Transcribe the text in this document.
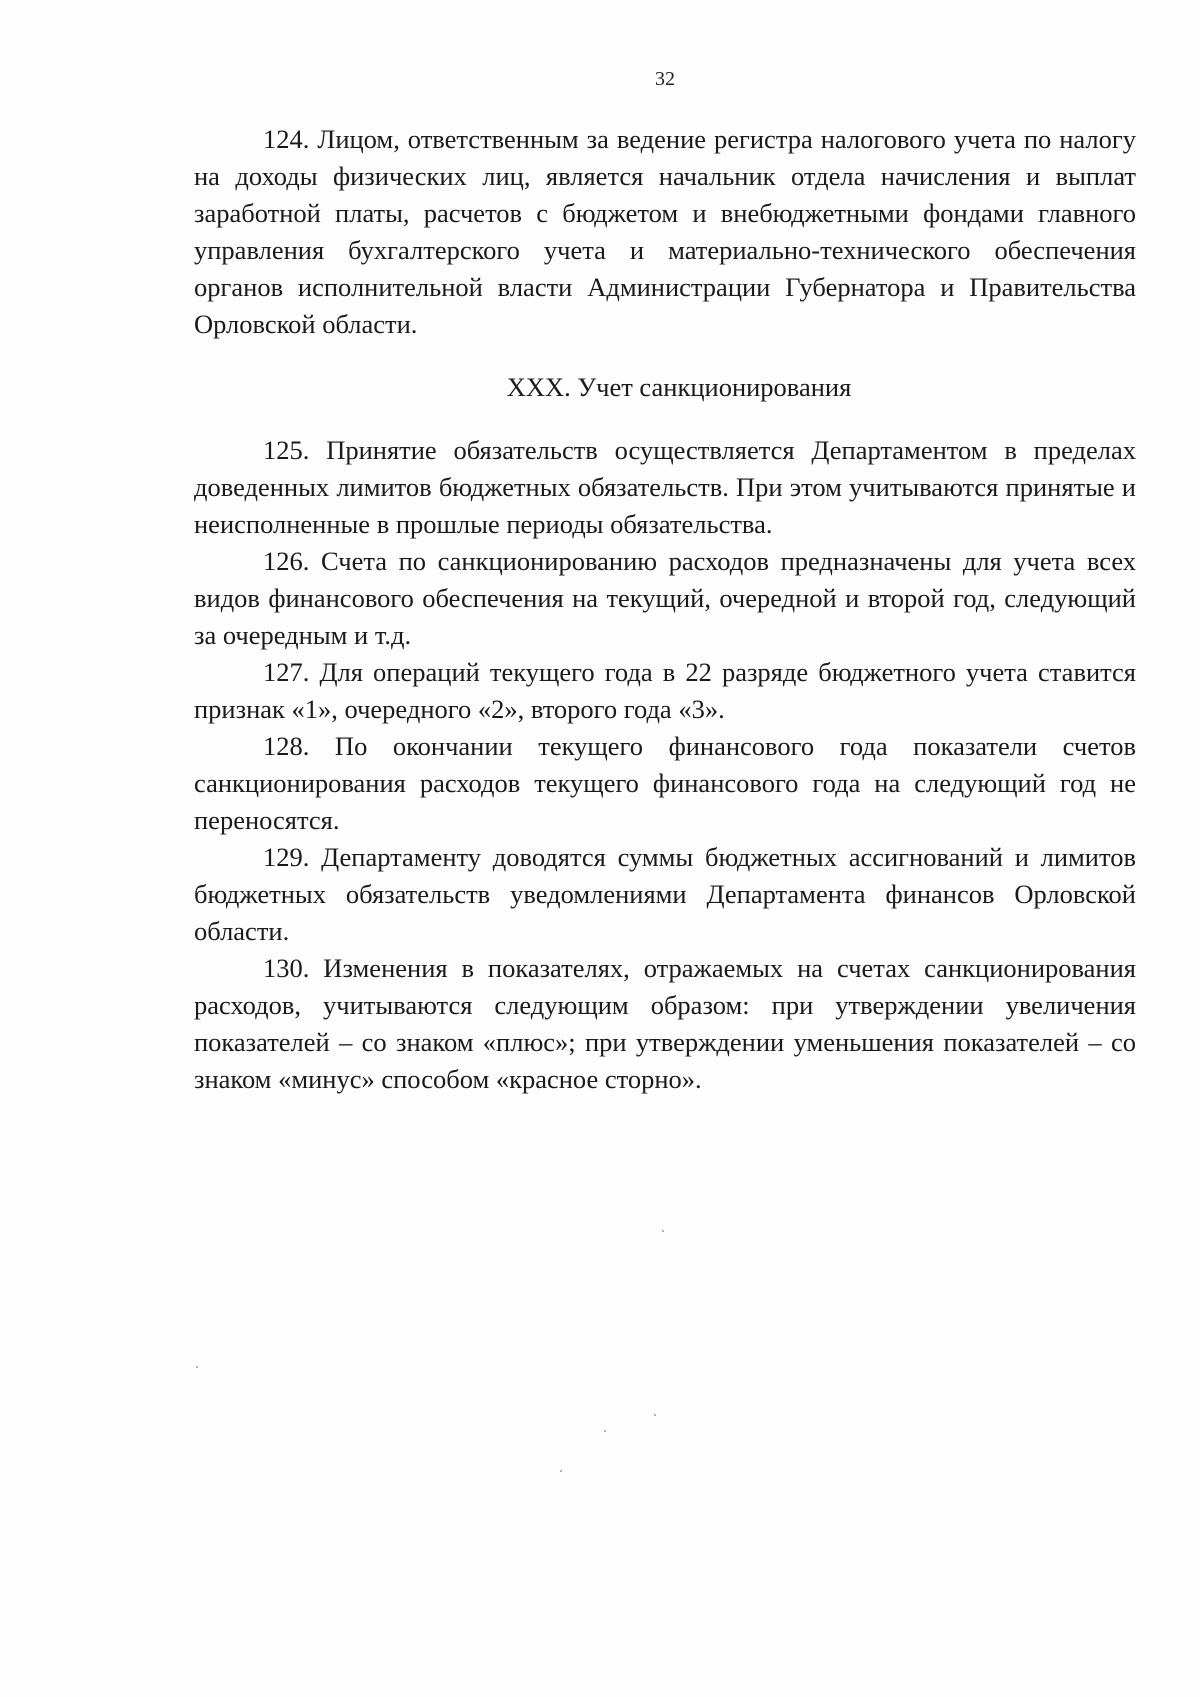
32

124. Лицом, ответственным за ведение регистра налогового учета по налогу на доходы физических лиц, является начальник отдела начисления и выплат заработной платы, расчетов с бюджетом и внебюджетными фондами главного управления бухгалтерского учета и материально-технического обеспечения органов исполнительной власти Администрации Губернатора и Правительства Орловской области.

XXX. Учет санкционирования

125. Принятие обязательств осуществляется Департаментом в пределах доведенных лимитов бюджетных обязательств. При этом учитываются принятые и неисполненные в прошлые периоды обязательства.

126. Счета по санкционированию расходов предназначены для учета всех видов финансового обеспечения на текущий, очередной и второй год, следующий за очередным и т.д.

127. Для операций текущего года в 22 разряде бюджетного учета ставится признак «1», очередного «2», второго года «3».

128. По окончании текущего финансового года показатели счетов санкционирования расходов текущего финансового года на следующий год не переносятся.

129. Департаменту доводятся суммы бюджетных ассигнований и лимитов бюджетных обязательств уведомлениями Департамента финансов Орловской области.

130. Изменения в показателях, отражаемых на счетах санкционирования расходов, учитываются следующим образом: при утверждении увеличения показателей – со знаком «плюс»; при утверждении уменьшения показателей – со знаком «минус» способом «красное сторно».
